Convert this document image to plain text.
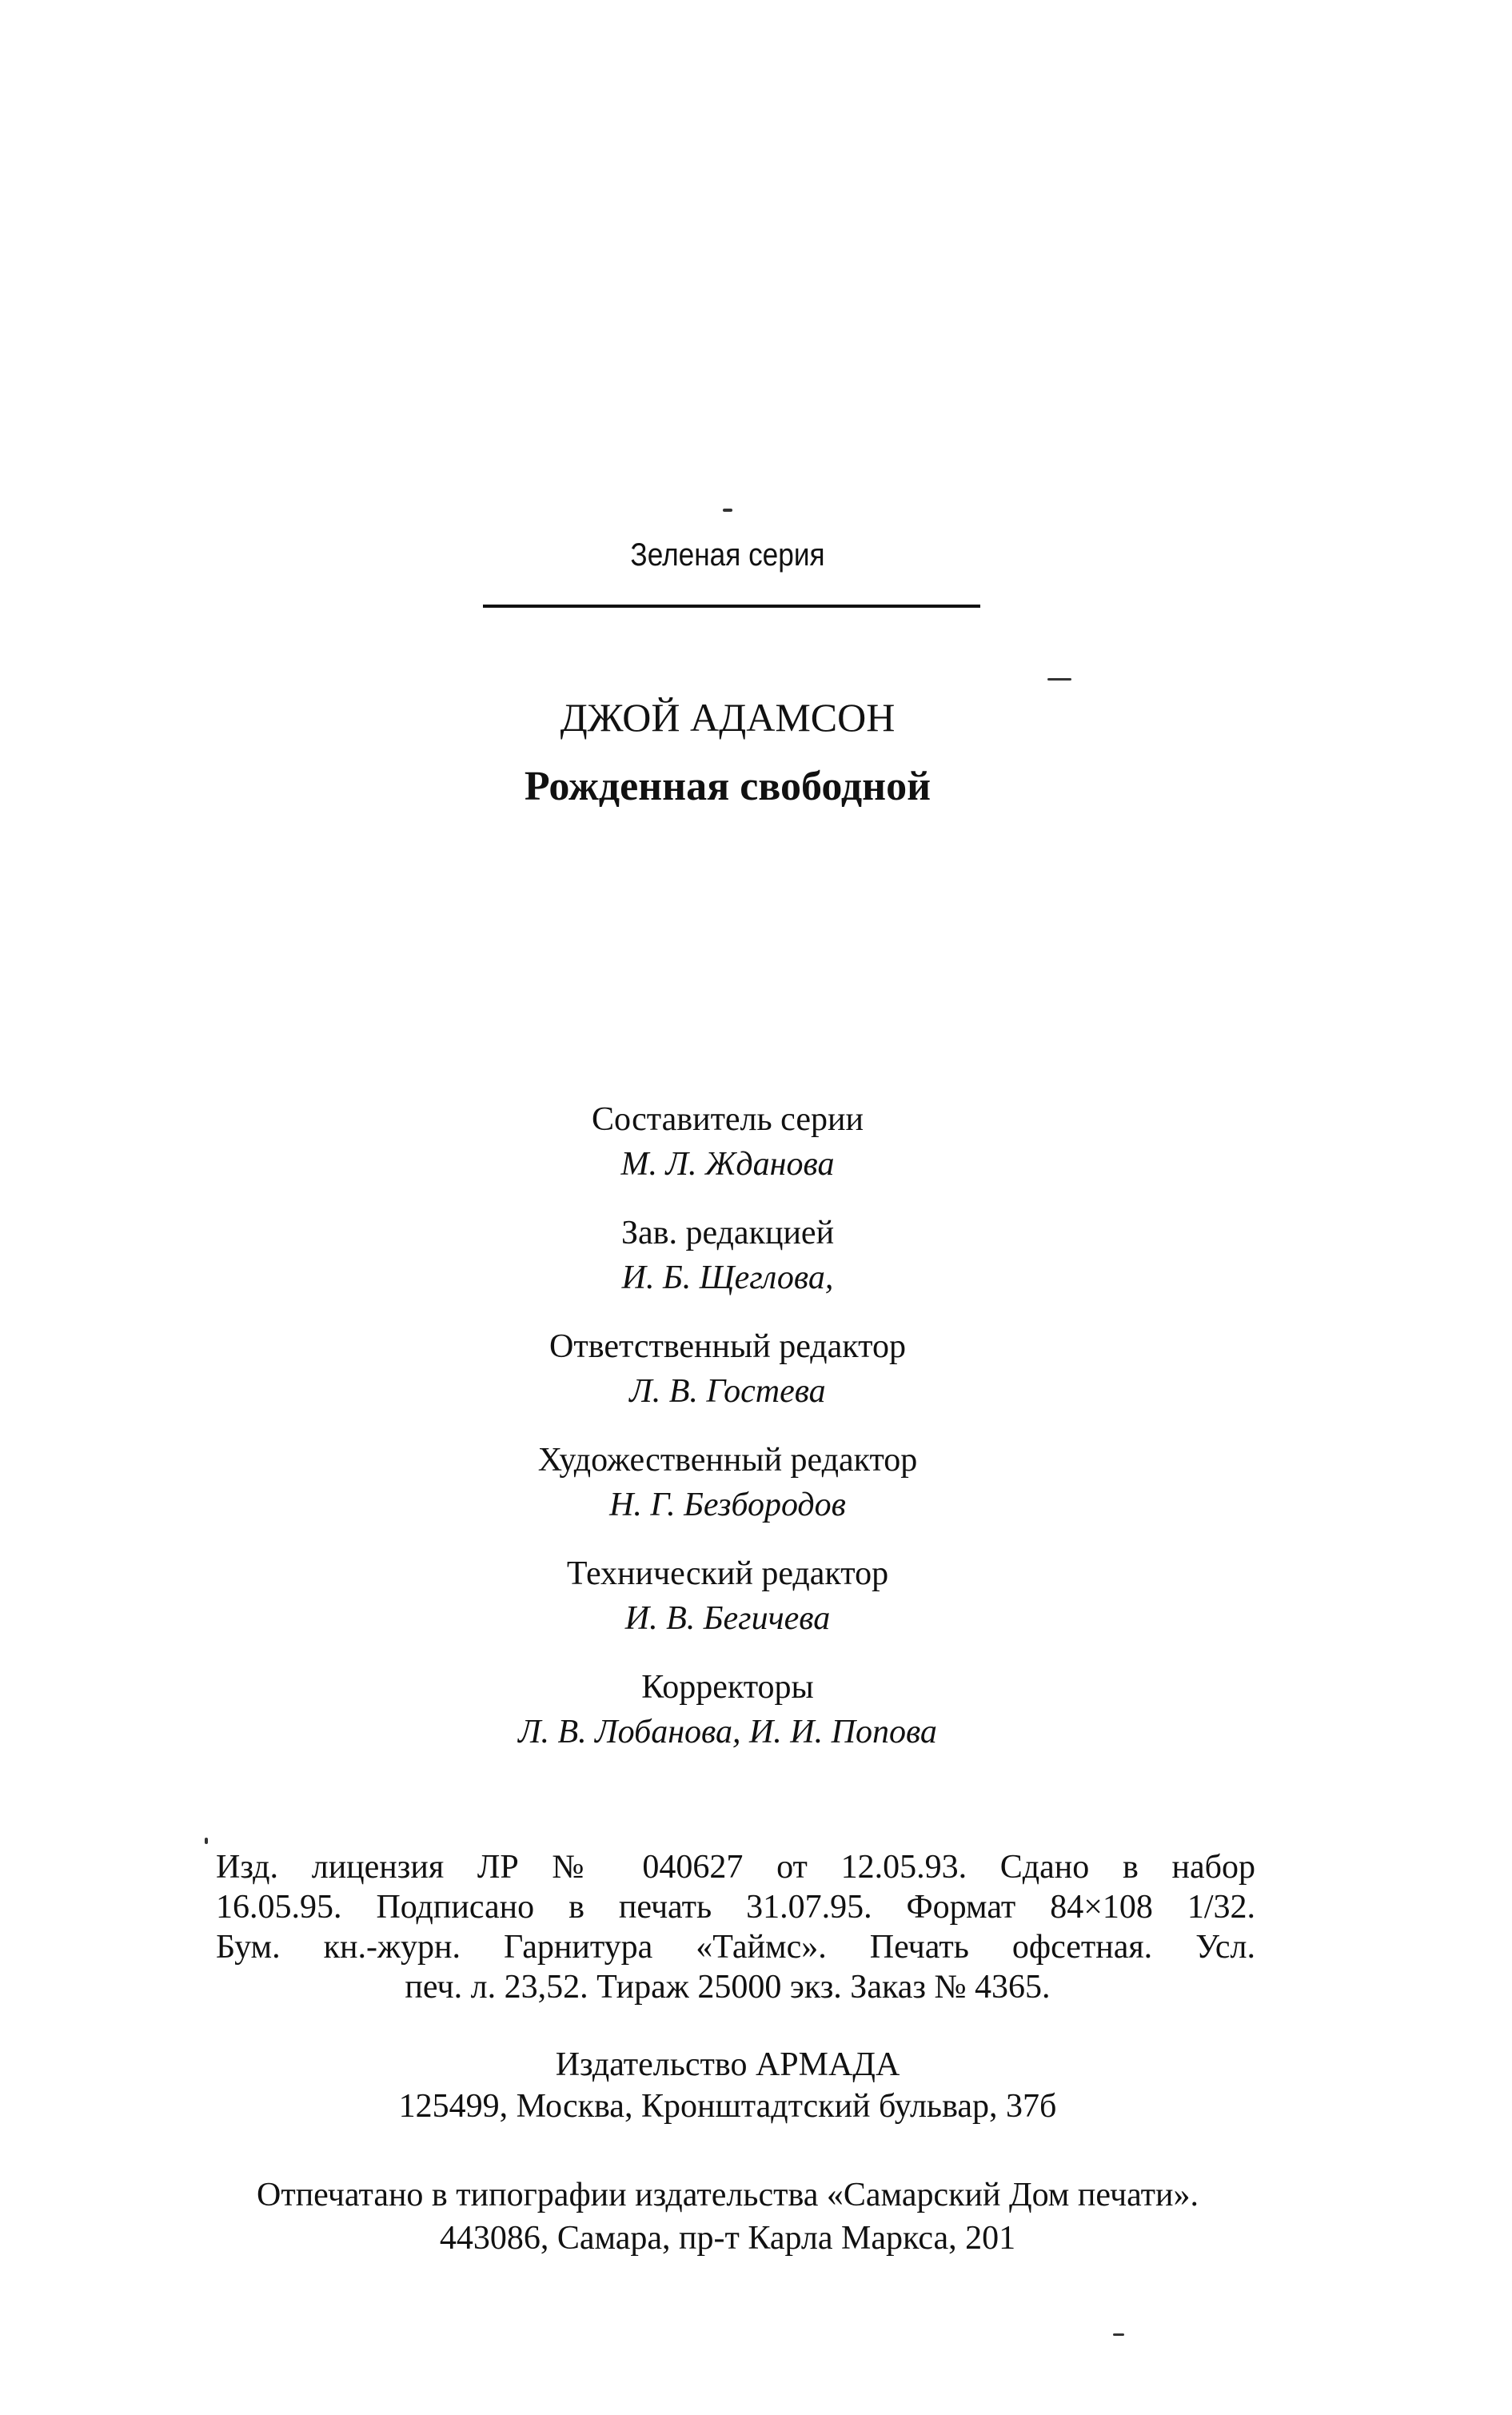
Зеленая серия
ДЖОЙ АДАМСОН
Рожденная свободной
Составитель серии
М. Л. Жданова
Зав. редакцией
И. Б. Щеглова,
Ответственный редактор
Л. В. Гостева
Художественный редактор
Н. Г. Безбородов
Технический редактор
И. В. Бегичева
Корректоры
Л. В. Лобанова, И. И. Попова
Изд. лицензия ЛР № 040627 от 12.05.93. Сдано в набор
16.05.95. Подписано в печать 31.07.95. Формат 84×108 1/32.
Бум. кн.-журн. Гарнитура «Таймс». Печать офсетная. Усл.
печ. л. 23,52. Тираж 25000 экз. Заказ № 4365.
Издательство АРМАДА
125499, Москва, Кронштадтский бульвар, 37б
Отпечатано в типографии издательства «Самарский Дом печати».
443086, Самара, пр-т Карла Маркса, 201
